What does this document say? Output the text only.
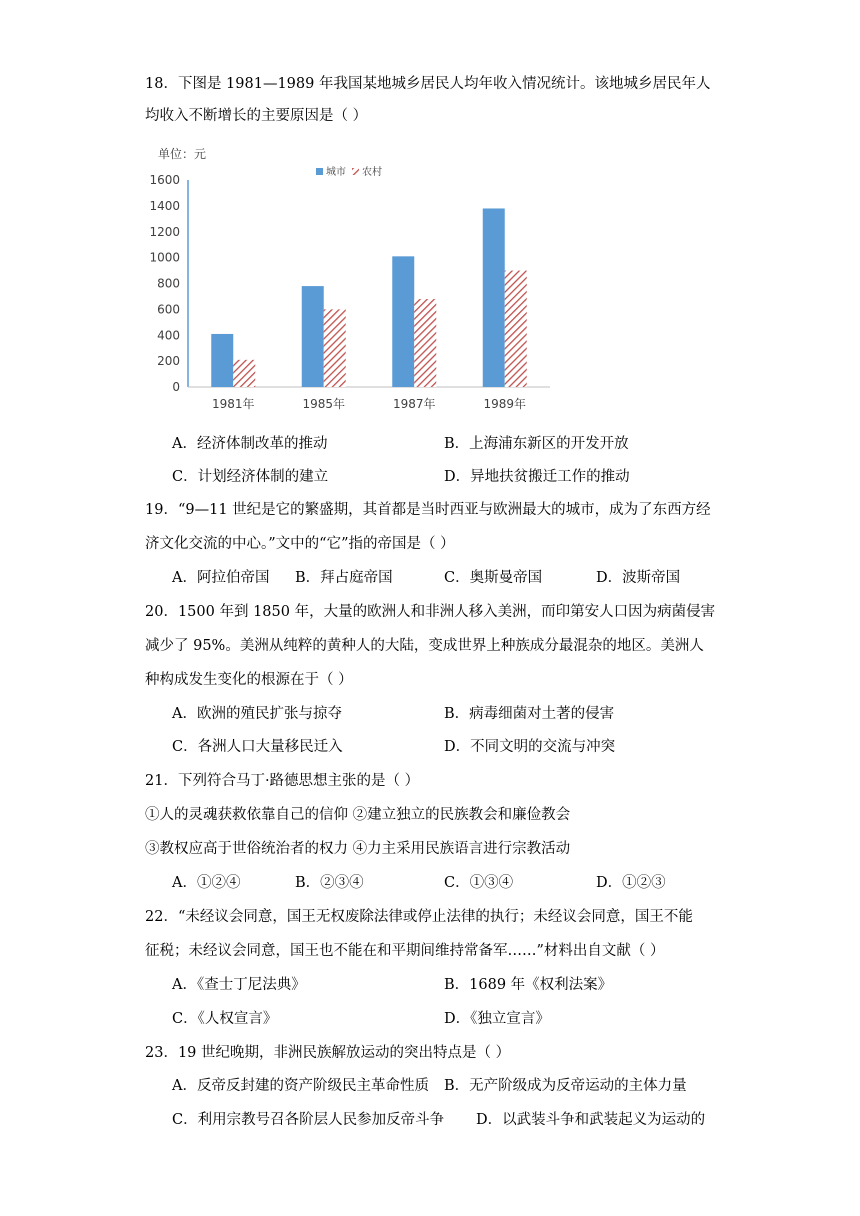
18．下图是 1981—1989 年我国某地城乡居民人均年收入情况统计。该地城乡居民年人
均收入不断增长的主要原因是（ ）
单位：元
城市 农村
0
200
400
600
800
1000
1200
1400
1600
1981年	1985年	1987年	1989年
A．经济体制改革的推动	B．上海浦东新区的开发开放
C．计划经济体制的建立	D．异地扶贫搬迁工作的推动
19．“9—11 世纪是它的繁盛期，其首都是当时西亚与欧洲最大的城市，成为了东西方经
济文化交流的中心。”文中的“它”指的帝国是（ ）
A．阿拉伯帝国 B．拜占庭帝国	C．奥斯曼帝国	D．波斯帝国
20．1500 年到 1850 年，大量的欧洲人和非洲人移入美洲，而印第安人口因为病菌侵害
减少了 95%。美洲从纯粹的黄种人的大陆，变成世界上种族成分最混杂的地区。美洲人
种构成发生变化的根源在于（ ）
A．欧洲的殖民扩张与掠夺	B．病毒细菌对土著的侵害
C．各洲人口大量移民迁入	D．不同文明的交流与冲突
21．下列符合马丁·路德思想主张的是（ ）
①人的灵魂获救依靠自己的信仰 ②建立独立的民族教会和廉俭教会
③教权应高于世俗统治者的权力 ④力主采用民族语言进行宗教活动
A．①②④	B．②③④	C．①③④	D．①②③
22．“未经议会同意，国王无权废除法律或停止法律的执行；未经议会同意，国王不能
征税；未经议会同意，国王也不能在和平期间维持常备军……”材料出自文献（ ）
A．《查士丁尼法典》	B．1689 年《权利法案》
C．《人权宣言》	D．《独立宣言》
23．19 世纪晚期，非洲民族解放运动的突出特点是（ ）
A．反帝反封建的资产阶级民主革命性质 B．无产阶级成为反帝运动的主体力量
C．利用宗教号召各阶层人民参加反帝斗争 D．以武装斗争和武装起义为运动的
